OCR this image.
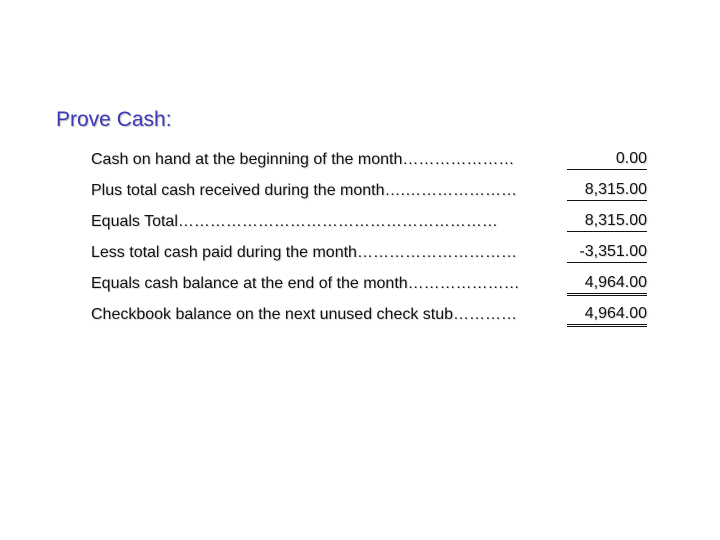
Prove Cash:
Cash on hand at the beginning of the month…………………	0.00
Plus total cash received during the month….…………………	8,315.00
Equals Total……………………………………………………	8,315.00
Less total cash paid during the month…………………………	-3,351.00
Equals cash balance at the end of the month…………………	4,964.00
Checkbook balance on the next unused check stub…………	4,964.00
